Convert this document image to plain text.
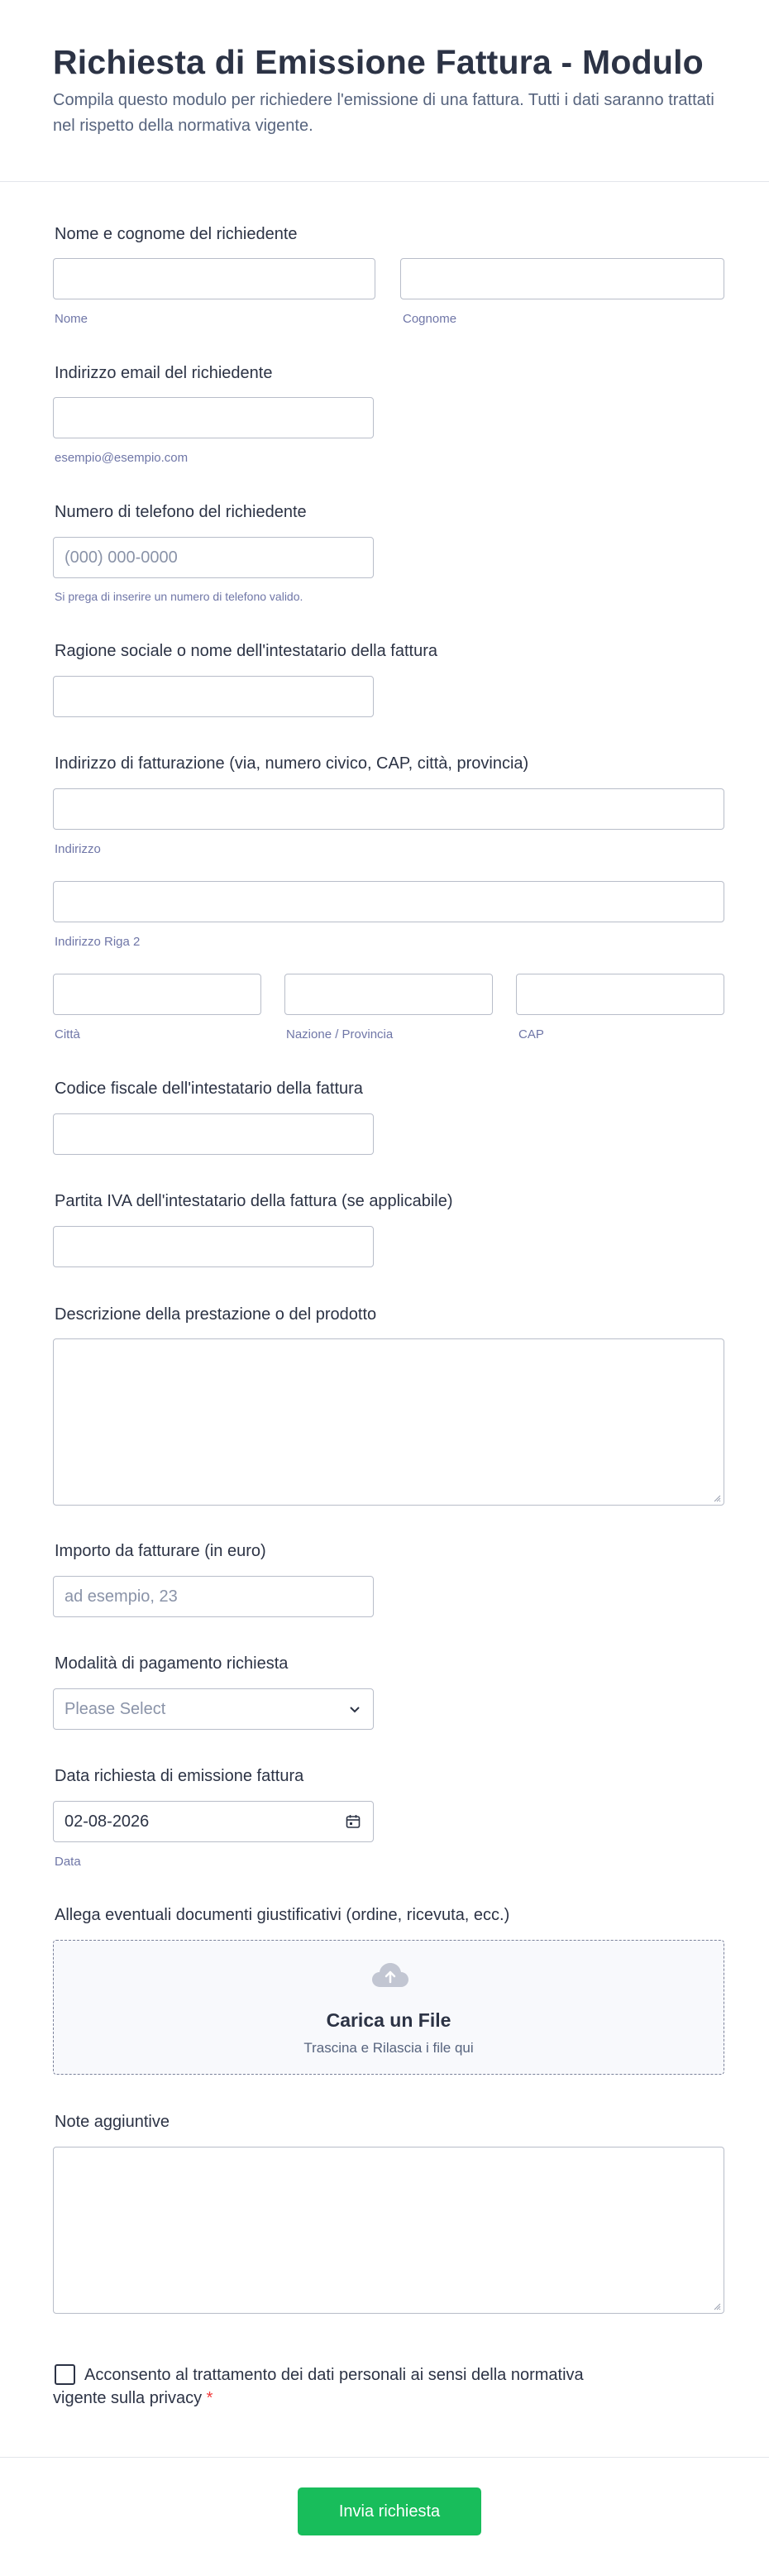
Richiesta di Emissione Fattura - Modulo
Compila questo modulo per richiedere l'emissione di una fattura. Tutti i dati saranno trattati nel rispetto della normativa vigente.
Nome e cognome del richiedente
Nome	Cognome
Indirizzo email del richiedente
esempio@esempio.com
Numero di telefono del richiedente
(000) 000-0000
Si prega di inserire un numero di telefono valido.
Ragione sociale o nome dell'intestatario della fattura
Indirizzo di fatturazione (via, numero civico, CAP, città, provincia)
Indirizzo
Indirizzo Riga 2
Città	Nazione / Provincia	CAP
Codice fiscale dell'intestatario della fattura
Partita IVA dell'intestatario della fattura (se applicabile)
Descrizione della prestazione o del prodotto
Importo da fatturare (in euro)
ad esempio, 23
Modalità di pagamento richiesta
Please Select
Data richiesta di emissione fattura
02-08-2026
Data
Allega eventuali documenti giustificativi (ordine, ricevuta, ecc.)
Carica un File
Trascina e Rilascia i file qui
Note aggiuntive
Acconsento al trattamento dei dati personali ai sensi della normativa vigente sulla privacy *
Invia richiesta
